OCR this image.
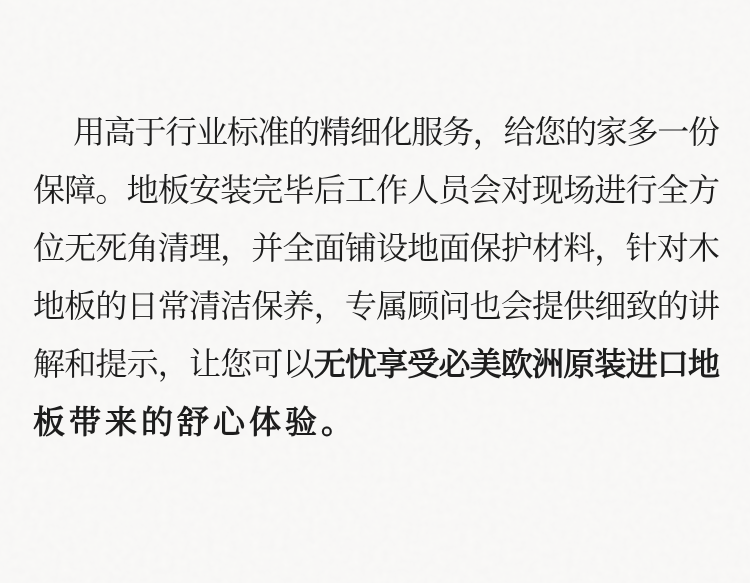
用高于行业标准的精细化服务，给您的家多一份
保障。地板安装完毕后工作人员会对现场进行全方
位无死角清理，并全面铺设地面保护材料，针对木
地板的日常清洁保养，专属顾问也会提供细致的讲
解和提示，让您可以无忧享受必美欧洲原装进口地
板带来的舒心体验。
